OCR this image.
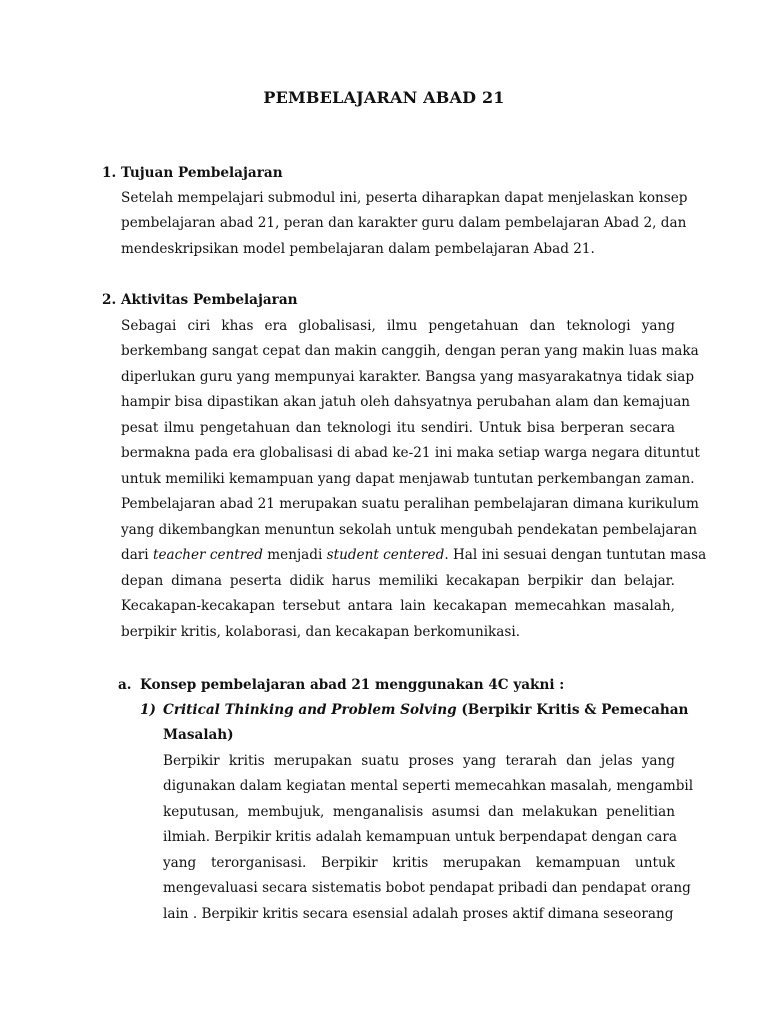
PEMBELAJARAN ABAD 21
1. Tujuan Pembelajaran
Setelah mempelajari submodul ini, peserta diharapkan dapat menjelaskan konsep
pembelajaran abad 21, peran dan karakter guru dalam pembelajaran Abad 2, dan
mendeskripsikan model pembelajaran dalam pembelajaran Abad 21.
2. Aktivitas Pembelajaran
Sebagai ciri khas era globalisasi, ilmu pengetahuan dan teknologi yang
berkembang sangat cepat dan makin canggih, dengan peran yang makin luas maka
diperlukan guru yang mempunyai karakter. Bangsa yang masyarakatnya tidak siap
hampir bisa dipastikan akan jatuh oleh dahsyatnya perubahan alam dan kemajuan
pesat ilmu pengetahuan dan teknologi itu sendiri. Untuk bisa berperan secara
bermakna pada era globalisasi di abad ke-21 ini maka setiap warga negara dituntut
untuk memiliki kemampuan yang dapat menjawab tuntutan perkembangan zaman.
Pembelajaran abad 21 merupakan suatu peralihan pembelajaran dimana kurikulum
yang dikembangkan menuntun sekolah untuk mengubah pendekatan pembelajaran
dari teacher centred menjadi student centered. Hal ini sesuai dengan tuntutan masa
depan dimana peserta didik harus memiliki kecakapan berpikir dan belajar.
Kecakapan-kecakapan tersebut antara lain kecakapan memecahkan masalah,
berpikir kritis, kolaborasi, dan kecakapan berkomunikasi.
a. Konsep pembelajaran abad 21 menggunakan 4C yakni :
1) Critical Thinking and Problem Solving (Berpikir Kritis & Pemecahan
Masalah)
Berpikir kritis merupakan suatu proses yang terarah dan jelas yang
digunakan dalam kegiatan mental seperti memecahkan masalah, mengambil
keputusan, membujuk, menganalisis asumsi dan melakukan penelitian
ilmiah. Berpikir kritis adalah kemampuan untuk berpendapat dengan cara
yang terorganisasi. Berpikir kritis merupakan kemampuan untuk
mengevaluasi secara sistematis bobot pendapat pribadi dan pendapat orang
lain . Berpikir kritis secara esensial adalah proses aktif dimana seseorang
